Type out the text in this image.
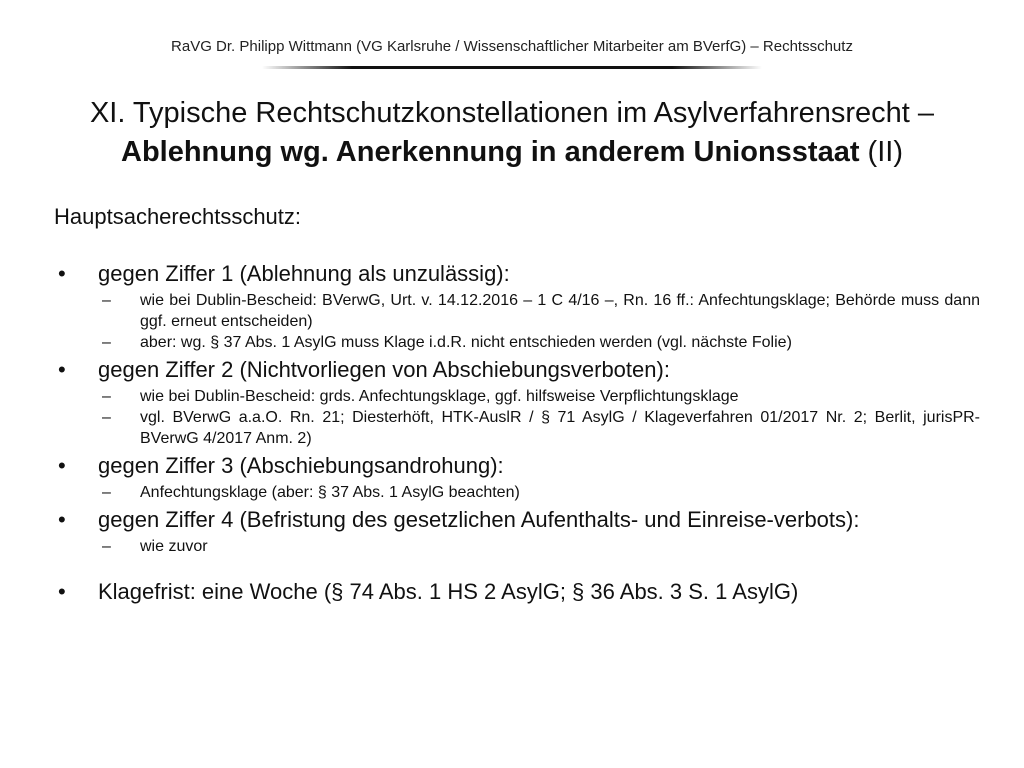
RaVG Dr. Philipp Wittmann (VG Karlsruhe / Wissenschaftlicher Mitarbeiter am BVerfG) – Rechtsschutz
XI. Typische Rechtschutzkonstellationen im Asylverfahrensrecht –
Ablehnung wg. Anerkennung in anderem Unionsstaat (II)
Hauptsacherechtsschutz:
•	gegen Ziffer 1 (Ablehnung als unzulässig):
– wie bei Dublin-Bescheid: BVerwG, Urt. v. 14.12.2016 – 1 C 4/16 –, Rn. 16 ff.: Anfechtungsklage; Behörde muss dann ggf. erneut entscheiden)
– aber: wg. § 37 Abs. 1 AsylG muss Klage i.d.R. nicht entschieden werden (vgl. nächste Folie)
•	gegen Ziffer 2 (Nichtvorliegen von Abschiebungsverboten):
– wie bei Dublin-Bescheid: grds. Anfechtungsklage, ggf. hilfsweise Verpflichtungsklage
– vgl. BVerwG a.a.O. Rn. 21; Diesterhöft, HTK-AuslR / § 71 AsylG / Klageverfahren 01/2017 Nr. 2; Berlit, jurisPR-BVerwG 4/2017 Anm. 2)
•	gegen Ziffer 3 (Abschiebungsandrohung):
– Anfechtungsklage (aber: § 37 Abs. 1 AsylG beachten)
•	gegen Ziffer 4 (Befristung des gesetzlichen Aufenthalts- und Einreise-verbots):
– wie zuvor
•	Klagefrist: eine Woche (§ 74 Abs. 1 HS 2 AsylG; § 36 Abs. 3 S. 1 AsylG)
